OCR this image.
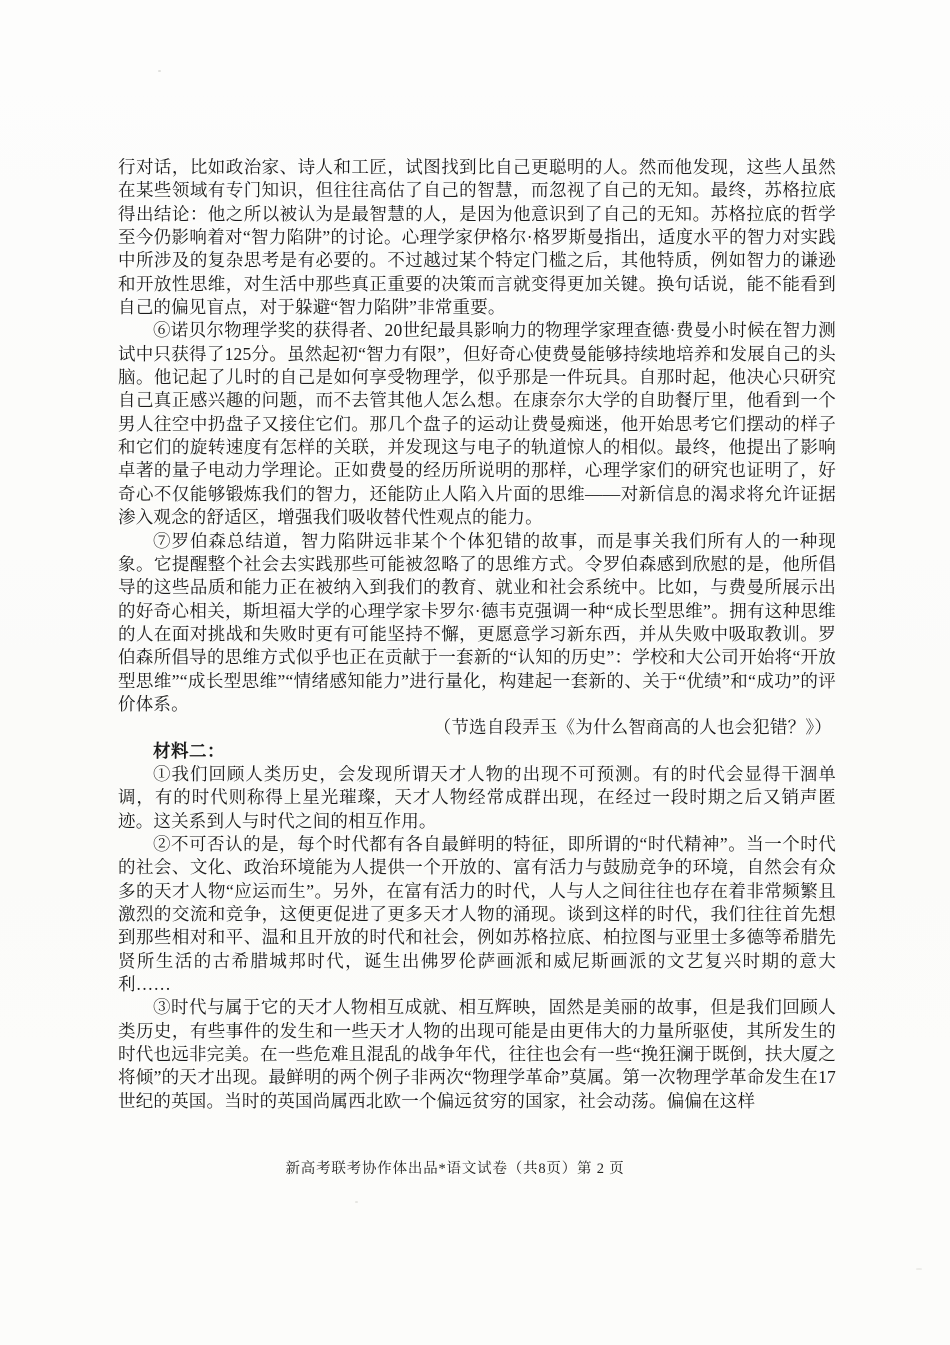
行对话，比如政治家、诗人和工匠，试图找到比自己更聪明的人。然而他发现，这些人虽然在某些领域有专门知识，但往往高估了自己的智慧，而忽视了自己的无知。最终，苏格拉底得出结论：他之所以被认为是最智慧的人，是因为他意识到了自己的无知。苏格拉底的哲学至今仍影响着对“智力陷阱”的讨论。心理学家伊格尔·格罗斯曼指出，适度水平的智力对实践中所涉及的复杂思考是有必要的。不过越过某个特定门槛之后，其他特质，例如智力的谦逊和开放性思维，对生活中那些真正重要的决策而言就变得更加关键。换句话说，能不能看到自己的偏见盲点，对于躲避“智力陷阱”非常重要。

⑥诺贝尔物理学奖的获得者、20世纪最具影响力的物理学家理查德·费曼小时候在智力测试中只获得了125分。虽然起初“智力有限”，但好奇心使费曼能够持续地培养和发展自己的头脑。他记起了儿时的自己是如何享受物理学，似乎那是一件玩具。自那时起，他决心只研究自己真正感兴趣的问题，而不去管其他人怎么想。在康奈尔大学的自助餐厅里，他看到一个男人往空中扔盘子又接住它们。那几个盘子的运动让费曼痴迷，他开始思考它们摆动的样子和它们的旋转速度有怎样的关联，并发现这与电子的轨道惊人的相似。最终，他提出了影响卓著的量子电动力学理论。正如费曼的经历所说明的那样，心理学家们的研究也证明了，好奇心不仅能够锻炼我们的智力，还能防止人陷入片面的思维——对新信息的渴求将允许证据渗入观念的舒适区，增强我们吸收替代性观点的能力。

⑦罗伯森总结道，智力陷阱远非某个个体犯错的故事，而是事关我们所有人的一种现象。它提醒整个社会去实践那些可能被忽略了的思维方式。令罗伯森感到欣慰的是，他所倡导的这些品质和能力正在被纳入到我们的教育、就业和社会系统中。比如，与费曼所展示出的好奇心相关，斯坦福大学的心理学家卡罗尔·德韦克强调一种“成长型思维”。拥有这种思维的人在面对挑战和失败时更有可能坚持不懈，更愿意学习新东西，并从失败中吸取教训。罗伯森所倡导的思维方式似乎也正在贡献于一套新的“认知的历史”：学校和大公司开始将“开放型思维”“成长型思维”“情绪感知能力”进行量化，构建起一套新的、关于“优绩”和“成功”的评价体系。

（节选自段弄玉《为什么智商高的人也会犯错？》）

材料二：

①我们回顾人类历史，会发现所谓天才人物的出现不可预测。有的时代会显得干涸单调，有的时代则称得上星光璀璨，天才人物经常成群出现，在经过一段时期之后又销声匿迹。这关系到人与时代之间的相互作用。

②不可否认的是，每个时代都有各自最鲜明的特征，即所谓的“时代精神”。当一个时代的社会、文化、政治环境能为人提供一个开放的、富有活力与鼓励竞争的环境，自然会有众多的天才人物“应运而生”。另外，在富有活力的时代，人与人之间往往也存在着非常频繁且激烈的交流和竞争，这便更促进了更多天才人物的涌现。谈到这样的时代，我们往往首先想到那些相对和平、温和且开放的时代和社会，例如苏格拉底、柏拉图与亚里士多德等希腊先贤所生活的古希腊城邦时代，诞生出佛罗伦萨画派和威尼斯画派的文艺复兴时期的意大利……

③时代与属于它的天才人物相互成就、相互辉映，固然是美丽的故事，但是我们回顾人类历史，有些事件的发生和一些天才人物的出现可能是由更伟大的力量所驱使，其所发生的时代也远非完美。在一些危难且混乱的战争年代，往往也会有一些“挽狂澜于既倒，扶大厦之将倾”的天才出现。最鲜明的两个例子非两次“物理学革命”莫属。第一次物理学革命发生在17世纪的英国。当时的英国尚属西北欧一个偏远贫穷的国家，社会动荡。偏偏在这样

新高考联考协作体出品*语文试卷（共8页）第 2 页
